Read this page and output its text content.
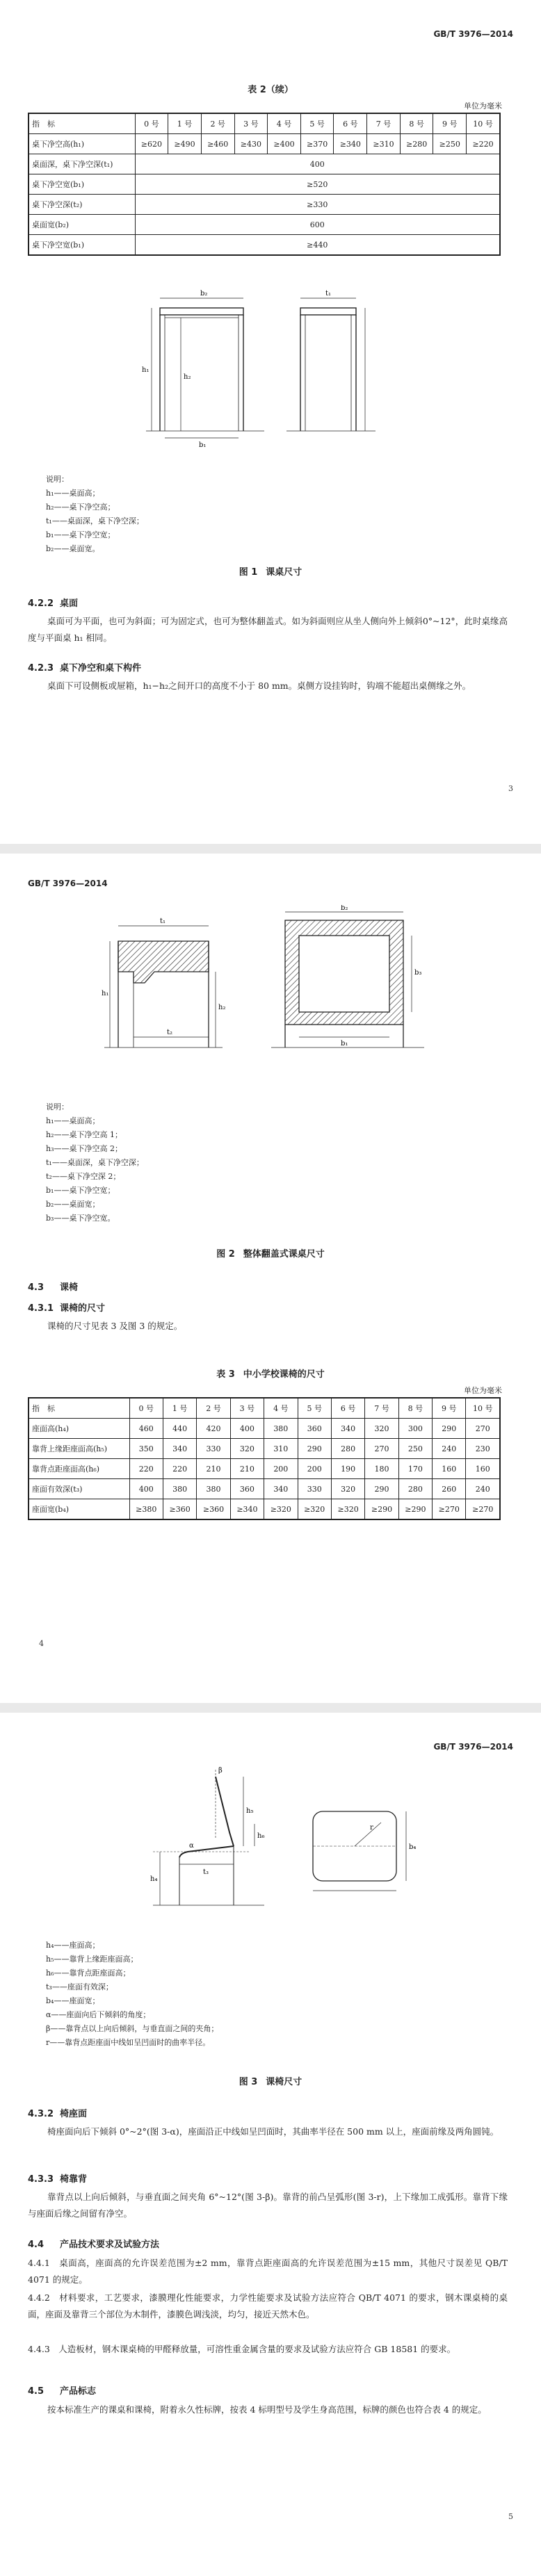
GB/T 3976—2014
表 2（续）
单位为毫米
指　标	0 号	1 号	2 号	3 号	4 号	5 号	6 号	7 号	8 号	9 号	10 号
桌下净空高(h₁)	≥620	≥490	≥460	≥430	≥400	≥370	≥340	≥310	≥280	≥250	≥220
桌面深，桌下净空深(t₁)	400										
桌下净空宽(b₁)	≥520										
桌下净空深(t₂)	≥330										
桌面宽(b₂)	600										
桌下净空宽(b₁)	≥440										
b₂
b₁
t₁
h₁
h₂
说明：
h₁——桌面高；
h₂——桌下净空高；
t₁——桌面深，桌下净空深；
b₁——桌下净空宽；
b₂——桌面宽。
图 1 课桌尺寸
4.2.2 桌面
桌面可为平面，也可为斜面；可为固定式，也可为整体翻盖式。如为斜面则应从坐人侧向外上倾斜0°~12°，此时桌缘高度与平面桌 h₁ 相同。
4.2.3 桌下净空和桌下构件
桌面下可设侧板或屉箱，h₁−h₂之间开口的高度不小于 80 mm。桌侧方设挂钩时，钩端不能超出桌侧缘之外。
3
GB/T 3976—2014
t₁
h₁
t₂
h₂
b₂
b₃
b₁
说明：
h₁——桌面高；
h₂——桌下净空高 1；
h₃——桌下净空高 2；
t₁——桌面深，桌下净空深；
t₂——桌下净空深 2；
b₁——桌下净空宽；
b₂——桌面宽；
b₃——桌下净空宽。
图 2 整体翻盖式课桌尺寸
4.3 课椅
4.3.1 课椅的尺寸
课椅的尺寸见表 3 及图 3 的规定。
表 3 中小学校课椅的尺寸
单位为毫米
指　标	0 号	1 号	2 号	3 号	4 号	5 号	6 号	7 号	8 号	9 号	10 号
座面高(h₄)	460	440	420	400	380	360	340	320	300	290	270
靠背上缘距座面高(h₅)	350	340	330	320	310	290	280	270	250	240	230
靠背点距座面高(h₆)	220	220	210	210	200	200	190	180	170	160	160
座面有效深(t₃)	400	380	380	360	340	330	320	290	280	260	240
座面宽(b₄)	≥380	≥360	≥360	≥340	≥320	≥320	≥320	≥290	≥290	≥270	≥270
4
GB/T 3976—2014
β
α
h₅
h₆
h₄
t₃
r
b₄
h₄——座面高；
h₅——靠背上缘距座面高；
h₆——靠背点距座面高；
t₃——座面有效深；
b₄——座面宽；
α——座面向后下倾斜的角度；
β——靠背点以上向后倾斜，与垂直面之间的夹角；
r——靠背点距座面中线如呈凹面时的曲率半径。
图 3 课椅尺寸
4.3.2 椅座面
椅座面向后下倾斜 0°~2°(图 3-α)，座面沿正中线如呈凹面时，其曲率半径在 500 mm 以上，座面前缘及两角圆钝。
4.3.3 椅靠背
靠背点以上向后倾斜，与垂直面之间夹角 6°~12°(图 3-β)。靠背的前凸呈弧形(图 3-r)，上下缘加工成弧形。靠背下缘与座面后缘之间留有净空。
4.4 产品技术要求及试验方法
4.4.1　桌面高，座面高的允许误差范围为±2 mm，靠背点距座面高的允许误差范围为±15 mm，其他尺寸误差见 QB/T 4071 的规定。
4.4.2　材料要求，工艺要求，漆膜理化性能要求，力学性能要求及试验方法应符合 QB/T 4071 的要求，钢木课桌椅的桌面，座面及靠背三个部位为木制件，漆膜色调浅淡，均匀，接近天然木色。
4.4.3　人造板材，钢木课桌椅的甲醛释放量，可溶性重金属含量的要求及试验方法应符合 GB 18581 的要求。
4.5 产品标志
按本标准生产的课桌和课椅，附着永久性标牌，按表 4 标明型号及学生身高范围，标牌的颜色也符合表 4 的规定。
5
